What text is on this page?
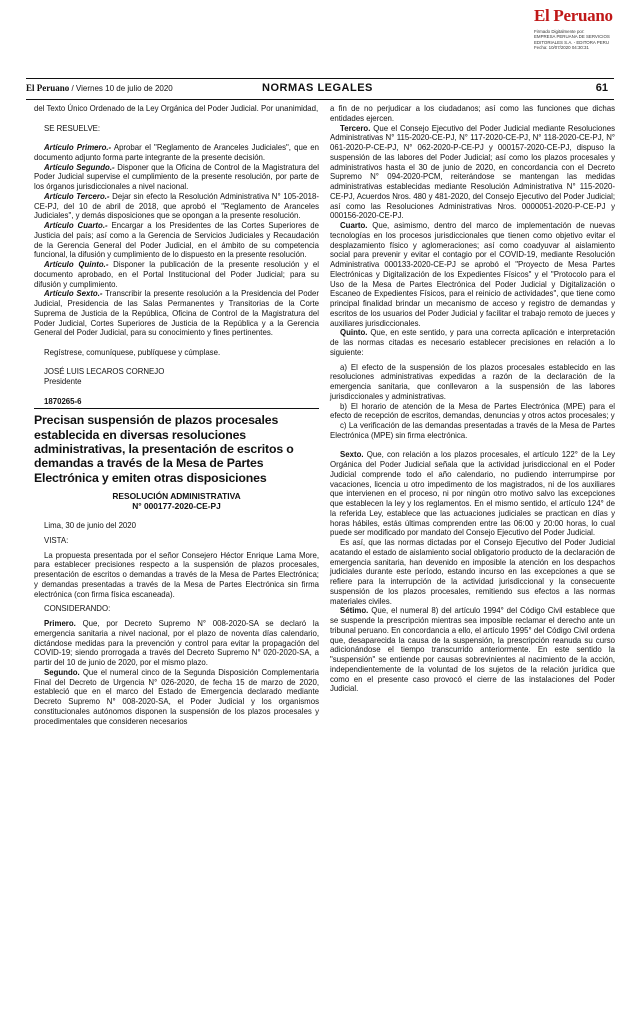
El Peruano
Firmado Digitalmente por:
EMPRESA PERUANA DE SERVICIOS
EDITORIALES S.A. - EDITORA PERU
Fecha: 10/07/2020 04:30:31
El Peruano / Viernes 10 de julio de 2020	NORMAS LEGALES	61

del Texto Único Ordenado de la Ley Orgánica del Poder Judicial. Por unanimidad,

SE RESUELVE:

Artículo Primero.- Aprobar el "Reglamento de Aranceles Judiciales", que en documento adjunto forma parte integrante de la presente decisión.

Artículo Segundo.- Disponer que la Oficina de Control de la Magistratura del Poder Judicial supervise el cumplimiento de la presente resolución, por parte de los órganos jurisdiccionales a nivel nacional.

Artículo Tercero.- Dejar sin efecto la Resolución Administrativa N° 105-2018-CE-PJ, del 10 de abril de 2018, que aprobó el "Reglamento de Aranceles Judiciales", y demás disposiciones que se opongan a la presente resolución.

Artículo Cuarto.- Encargar a los Presidentes de las Cortes Superiores de Justicia del país; así como a la Gerencia de Servicios Judiciales y Recaudación de la Gerencia General del Poder Judicial, en el ámbito de su competencia funcional, la difusión y cumplimiento de lo dispuesto en la presente resolución.

Artículo Quinto.- Disponer la publicación de la presente resolución y el documento aprobado, en el Portal Institucional del Poder Judicial; para su difusión y cumplimiento.

Artículo Sexto.- Transcribir la presente resolución a la Presidencia del Poder Judicial, Presidencia de las Salas Permanentes y Transitorias de la Corte Suprema de Justicia de la República, Oficina de Control de la Magistratura del Poder Judicial, Cortes Superiores de Justicia de la República y a la Gerencia General del Poder Judicial, para su conocimiento y fines pertinentes.

Regístrese, comuníquese, publíquese y cúmplase.

JOSÉ LUIS LECAROS CORNEJO

Presidente

1870265-6

Precisan suspensión de plazos procesales establecida en diversas resoluciones administrativas, la presentación de escritos o demandas a través de la Mesa de Partes Electrónica y emiten otras disposiciones
RESOLUCIÓN ADMINISTRATIVA
N° 000177-2020-CE-PJ

Lima, 30 de junio del 2020

VISTA:

La propuesta presentada por el señor Consejero Héctor Enrique Lama More, para establecer precisiones respecto a la suspensión de plazos procesales, presentación de escritos o demandas a través de la Mesa de Partes Electrónica; y demandas presentadas a través de la Mesa de Partes Electrónica sin firma electrónica (con firma física escaneada).

CONSIDERANDO:

Primero. Que, por Decreto Supremo N° 008-2020-SA se declaró la emergencia sanitaria a nivel nacional, por el plazo de noventa días calendario, dictándose medidas para la prevención y control para evitar la propagación del COVID-19; siendo prorrogada a través del Decreto Supremo N° 020-2020-SA, a partir del 10 de junio de 2020, por el mismo plazo.

Segundo. Que el numeral cinco de la Segunda Disposición Complementaria Final del Decreto de Urgencia N° 026-2020, de fecha 15 de marzo de 2020, estableció que en el marco del Estado de Emergencia declarado mediante Decreto Supremo N° 008-2020-SA, el Poder Judicial y los organismos constitucionales autónomos disponen la suspensión de los plazos procesales y procedimentales que consideren necesarios

a fin de no perjudicar a los ciudadanos; así como las funciones que dichas entidades ejercen.

Tercero. Que el Consejo Ejecutivo del Poder Judicial mediante Resoluciones Administrativas N° 115-2020-CE-PJ, N° 117-2020-CE-PJ, N° 118-2020-CE-PJ, N° 061-2020-P-CE-PJ, N° 062-2020-P-CE-PJ y 000157-2020-CE-PJ, dispuso la suspensión de las labores del Poder Judicial; así como los plazos procesales y administrativos hasta el 30 de junio de 2020, en concordancia con el Decreto Supremo N° 094-2020-PCM, reiterándose se mantengan las medidas administrativas establecidas mediante Resolución Administrativa N° 115-2020-CE-PJ, Acuerdos Nros. 480 y 481-2020, del Consejo Ejecutivo del Poder Judicial; así como las Resoluciones Administrativas Nros. 0000051-2020-P-CE-PJ y 000156-2020-CE-PJ.

Cuarto. Que, asimismo, dentro del marco de implementación de nuevas tecnologías en los procesos jurisdiccionales que tienen como objetivo evitar el desplazamiento físico y aglomeraciones; así como coadyuvar al aislamiento social para prevenir y evitar el contagio por el COVID-19, mediante Resolución Administrativa 000133-2020-CE-PJ se aprobó el "Proyecto de Mesa Partes Electrónicas y Digitalización de los Expedientes Físicos" y el "Protocolo para el Uso de la Mesa de Partes Electrónica del Poder Judicial y Digitalización o Escaneo de Expedientes Físicos, para el reinicio de actividades", que tiene como principal finalidad brindar un mecanismo de acceso y registro de demandas y escritos de los usuarios del Poder Judicial y facilitar el trabajo remoto de jueces y auxiliares jurisdiccionales.

Quinto. Que, en este sentido, y para una correcta aplicación e interpretación de las normas citadas es necesario establecer precisiones en relación a lo siguiente:

a) El efecto de la suspensión de los plazos procesales establecido en las resoluciones administrativas expedidas a razón de la declaración de la emergencia sanitaria, que conllevaron a la suspensión de las labores jurisdiccionales y administrativas.

b) El horario de atención de la Mesa de Partes Electrónica (MPE) para el efecto de recepción de escritos, demandas, denuncias y otros actos procesales; y

c) La verificación de las demandas presentadas a través de la Mesa de Partes Electrónica (MPE) sin firma electrónica.

Sexto. Que, con relación a los plazos procesales, el artículo 122° de la Ley Orgánica del Poder Judicial señala que la actividad jurisdiccional en el Poder Judicial comprende todo el año calendario, no pudiendo interrumpirse por vacaciones, licencia u otro impedimento de los magistrados, ni de los auxiliares que intervienen en el proceso, ni por ningún otro motivo salvo las excepciones que establecen la ley y los reglamentos. En el mismo sentido, el artículo 124° de la referida Ley, establece que las actuaciones judiciales se practican en días y horas hábiles, estás últimas comprenden entre las 06:00 y 20:00 horas, lo cual puede ser modificado por mandato del Consejo Ejecutivo del Poder Judicial.

Es así, que las normas dictadas por el Consejo Ejecutivo del Poder Judicial acatando el estado de aislamiento social obligatorio producto de la declaración de emergencia sanitaria, han devenido en imposible la atención en los despachos judiciales durante este período, estando incurso en las excepciones a que se refiere para la interrupción de la actividad jurisdiccional y la consecuente suspensión de los plazos procesales, remitiendo sus efectos a las normas materiales civiles.

Sétimo. Que, el numeral 8) del artículo 1994° del Código Civil establece que se suspende la prescripción mientras sea imposible reclamar el derecho ante un tribunal peruano. En concordancia a ello, el artículo 1995° del Código Civil ordena que, desaparecida la causa de la suspensión, la prescripción reanuda su curso adicionándose el tiempo transcurrido anteriormente. En este sentido la "suspensión" se entiende por causas sobrevinientes al nacimiento de la acción, independientemente de la voluntad de los sujetos de la relación jurídica que como en el presente caso provocó el cierre de las instalaciones del Poder Judicial.
